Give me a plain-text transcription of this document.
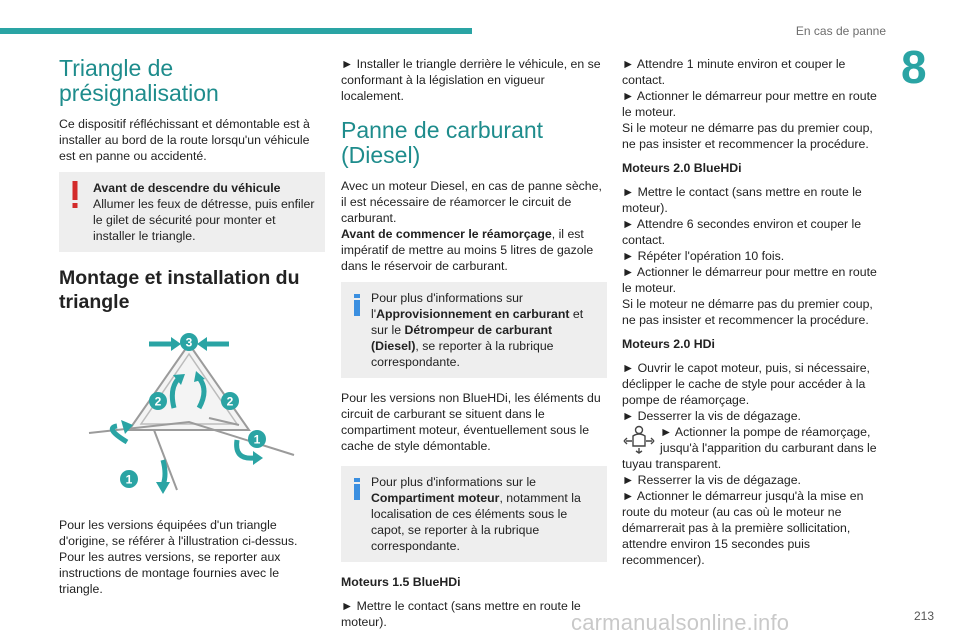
En cas de panne
8
Triangle de présignalisation
Ce dispositif réfléchissant et démontable est à installer au bord de la route lorsqu'un véhicule est en panne ou accidenté.
Avant de descendre du véhicule
Allumer les feux de détresse, puis enfiler le gilet de sécurité pour monter et installer le triangle.
Montage et installation du triangle
3
2	2
1
1
Pour les versions équipées d'un triangle d'origine, se référer à l'illustration ci-dessus. Pour les autres versions, se reporter aux instructions de montage fournies avec le triangle.
► Installer le triangle derrière le véhicule, en se conformant à la législation en vigueur localement.
Panne de carburant (Diesel)
Avec un moteur Diesel, en cas de panne sèche, il est nécessaire de réamorcer le circuit de carburant.
Avant de commencer le réamorçage, il est impératif de mettre au moins 5 litres de gazole dans le réservoir de carburant.
Pour plus d'informations sur l'Approvisionnement en carburant et sur le Détrompeur de carburant (Diesel), se reporter à la rubrique correspondante.
Pour les versions non BlueHDi, les éléments du circuit de carburant se situent dans le compartiment moteur, éventuellement sous le cache de style démontable.
Pour plus d'informations sur le Compartiment moteur, notamment la localisation de ces éléments sous le capot, se reporter à la rubrique correspondante.
Moteurs 1.5 BlueHDi
► Mettre le contact (sans mettre en route le moteur).
► Attendre 1 minute environ et couper le contact.
► Actionner le démarreur pour mettre en route le moteur.
Si le moteur ne démarre pas du premier coup, ne pas insister et recommencer la procédure.
Moteurs 2.0 BlueHDi
► Mettre le contact (sans mettre en route le moteur).
► Attendre 6 secondes environ et couper le contact.
► Répéter l'opération 10 fois.
► Actionner le démarreur pour mettre en route le moteur.
Si le moteur ne démarre pas du premier coup, ne pas insister et recommencer la procédure.
Moteurs 2.0 HDi
► Ouvrir le capot moteur, puis, si nécessaire, déclipper le cache de style pour accéder à la pompe de réamorçage.
► Desserrer la vis de dégazage.
► Actionner la pompe de réamorçage, jusqu'à l'apparition du carburant dans le tuyau transparent.
► Resserrer la vis de dégazage.
► Actionner le démarreur jusqu'à la mise en route du moteur (au cas où le moteur ne démarrerait pas à la première sollicitation, attendre environ 15 secondes puis recommencer).
carmanualsonline.info	213
